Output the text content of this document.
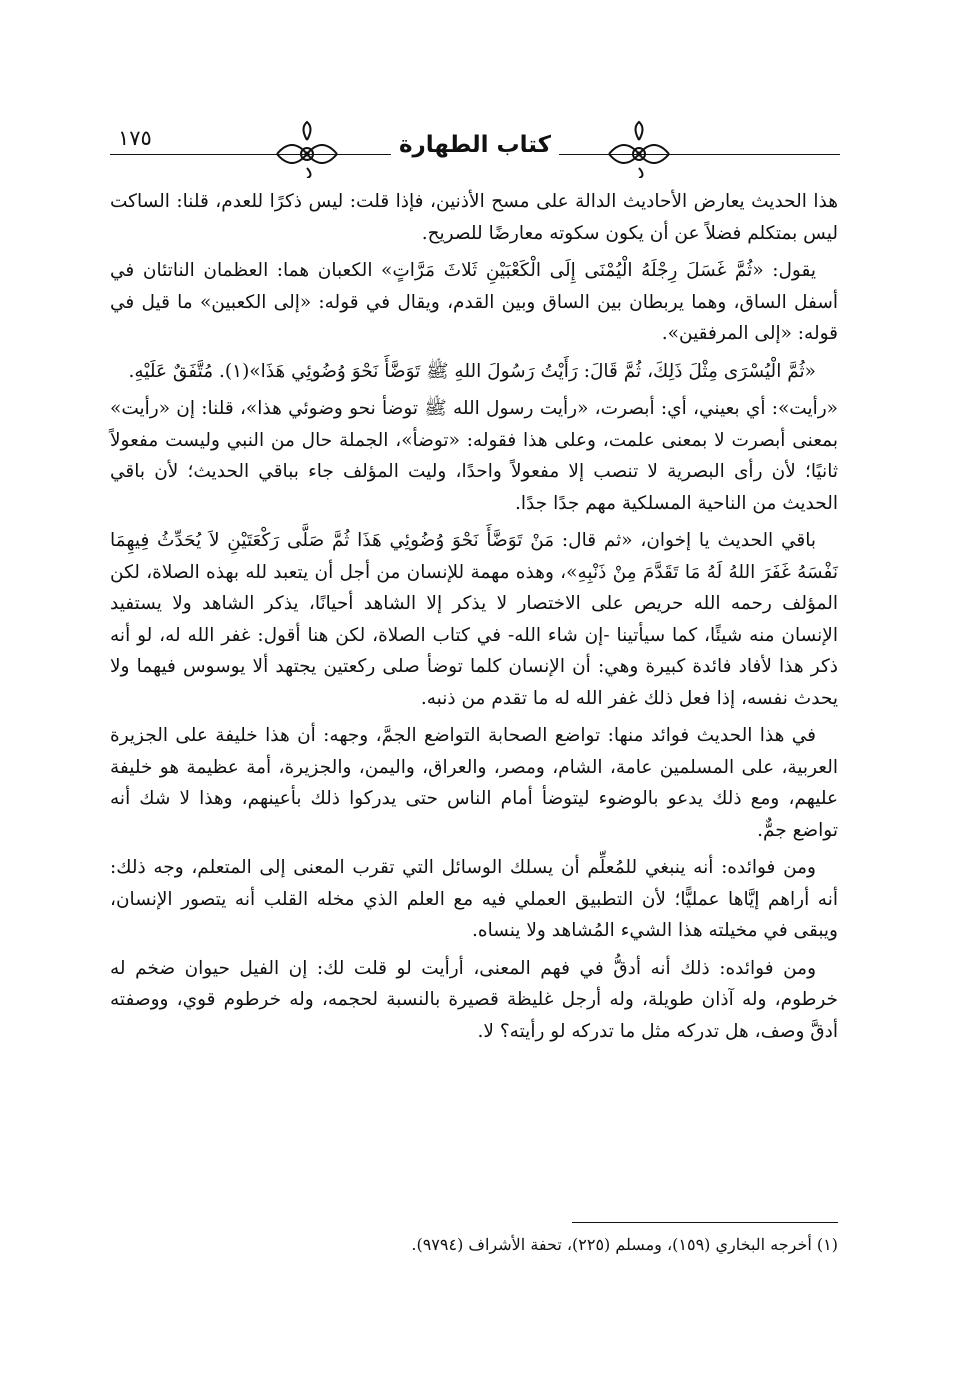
١٧٥	كتاب الطهارة

هذا الحديث يعارض الأحاديث الدالة على مسح الأذنين، فإذا قلت: ليس ذكرًا للعدم، قلنا: الساكت ليس بمتكلم فضلاً عن أن يكون سكوته معارضًا للصريح.

يقول: «ثُمَّ غَسَلَ رِجْلَهُ الْيُمْنَى إِلَى الْكَعْبَيْنِ ثَلاثَ مَرَّاتٍ» الكعبان هما: العظمان الناتئان في أسفل الساق، وهما يربطان بين الساق وبين القدم، ويقال في قوله: «إلى الكعبين» ما قيل في قوله: «إلى المرفقين».

«ثُمَّ الْيُسْرَى مِثْلَ ذَلِكَ، ثُمَّ قَالَ: رَأَيْتُ رَسُولَ اللهِ ﷺ تَوَضَّأَ نَحْوَ وُضُوئِي هَذَا»(١). مُتَّفَقٌ عَلَيْهِ.

«رأيت»: أي بعيني، أي: أبصرت، «رأيت رسول الله ﷺ توضأ نحو وضوئي هذا»، قلنا: إن «رأيت» بمعنى أبصرت لا بمعنى علمت، وعلى هذا فقوله: «توضأ»، الجملة حال من النبي وليست مفعولاً ثانيًا؛ لأن رأى البصرية لا تنصب إلا مفعولاً واحدًا، وليت المؤلف جاء بباقي الحديث؛ لأن باقي الحديث من الناحية المسلكية مهم جدًا جدًا.

باقي الحديث يا إخوان، «ثم قال: مَنْ تَوَضَّأَ نَحْوَ وُضُوئِي هَذَا ثُمَّ صَلَّى رَكْعَتَيْنِ لاَ يُحَدِّثُ فِيهِمَا نَفْسَهُ غَفَرَ اللهُ لَهُ مَا تَقَدَّمَ مِنْ ذَنْبِهِ»، وهذه مهمة للإنسان من أجل أن يتعبد لله بهذه الصلاة، لكن المؤلف رحمه الله حريص على الاختصار لا يذكر إلا الشاهد أحيانًا، يذكر الشاهد ولا يستفيد الإنسان منه شيئًا، كما سيأتينا -إن شاء الله- في كتاب الصلاة، لكن هنا أقول: غفر الله له، لو أنه ذكر هذا لأفاد فائدة كبيرة وهي: أن الإنسان كلما توضأ صلى ركعتين يجتهد ألا يوسوس فيهما ولا يحدث نفسه، إذا فعل ذلك غفر الله له ما تقدم من ذنبه.

في هذا الحديث فوائد منها: تواضع الصحابة التواضع الجمَّ، وجهه: أن هذا خليفة على الجزيرة العربية، على المسلمين عامة، الشام، ومصر، والعراق، واليمن، والجزيرة، أمة عظيمة هو خليفة عليهم، ومع ذلك يدعو بالوضوء ليتوضأ أمام الناس حتى يدركوا ذلك بأعينهم، وهذا لا شك أنه تواضع جمٌّ.

ومن فوائده: أنه ينبغي للمُعلِّم أن يسلك الوسائل التي تقرب المعنى إلى المتعلم، وجه ذلك: أنه أراهم إيَّاها عمليًّا؛ لأن التطبيق العملي فيه مع العلم الذي مخله القلب أنه يتصور الإنسان، ويبقى في مخيلته هذا الشيء المُشاهد ولا ينساه.

ومن فوائده: ذلك أنه أدقُّ في فهم المعنى، أرأيت لو قلت لك: إن الفيل حيوان ضخم له خرطوم، وله آذان طويلة، وله أرجل غليظة قصيرة بالنسبة لحجمه، وله خرطوم قوي، ووصفته أدقَّ وصف، هل تدركه مثل ما تدركه لو رأيته؟ لا.

(١) أخرجه البخاري (١٥٩)، ومسلم (٢٢٥)، تحفة الأشراف (٩٧٩٤).
